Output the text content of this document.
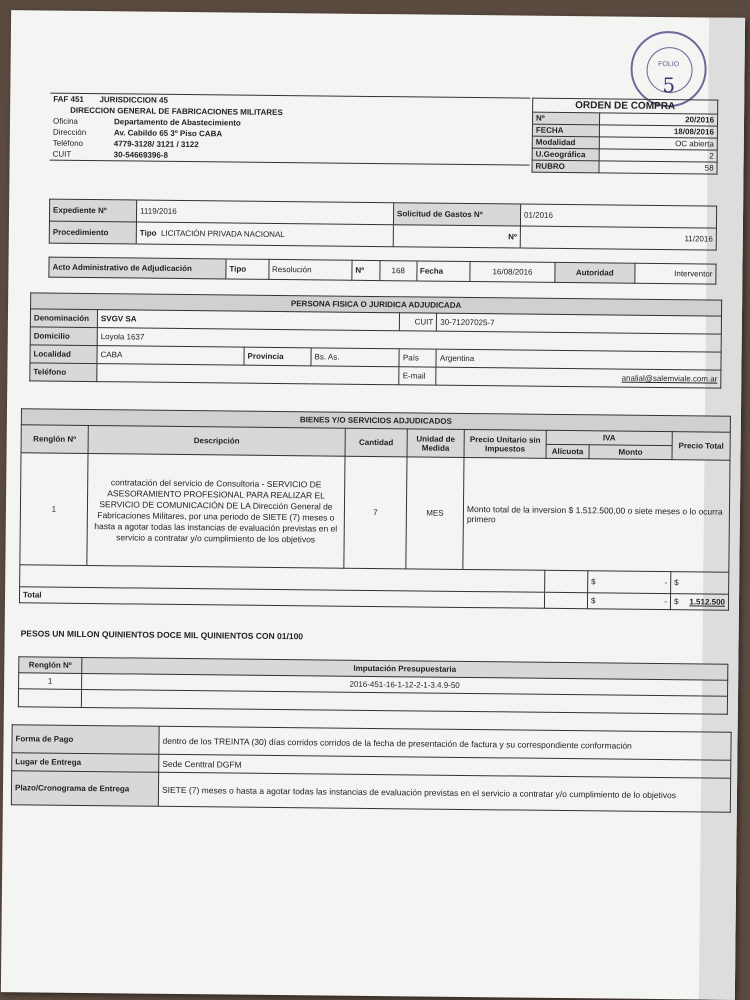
FOLIO
5
FAF 451 JURISDICCION 45	
DIRECCION GENERAL DE FABRICACIONES MILITARES	
Oficina	Departamento de Abastecimiento
Dirección	Av. Cabildo 65 3º Piso CABA
Teléfono	4779-3128/ 3121 / 3122
CUIT	30-54669396-8
ORDEN DE COMPRA	
Nº	20/2016
FECHA	18/08/2016
Modalidad	OC abierta
U.Geográfica	2
RUBRO	58
Expediente Nº	1119/2016	Solicitud de Gastos Nº	01/2016
Procedimiento	Tipo LICITACIÓN PRIVADA NACIONAL	Nº	11/2016
Acto Administrativo de Adjudicación	Tipo	Resolución	Nº	168	Fecha	16/08/2016	Autoridad	Interventor
PERSONA FISICA O JURIDICA ADJUDICADA					
Denominación	SVGV SA			CUIT	30-71207025-7
Domicilio	Loyola 1637				
Localidad	CABA	Provincia	Bs. As.	País	Argentina
Teléfono				E-mail	analial@salemviale.com.ar
BIENES Y/O SERVICIOS ADJUDICADOS							
Renglón Nº	Descripción	Cantidad	Unidad de Medida	Precio Unitario sin Impuestos	IVA		Precio Total
					Alícuota	Monto	
1	contratación del servicio de Consultoria - SERVICIO DE ASESORAMIENTO PROFESIONAL PARA REALIZAR EL SERVICIO DE COMUNICACIÓN DE LA Dirección General de Fabricaciones Militares, por una periodo de SIETE (7) meses o hasta a agotar todas las instancias de evaluación previstas en el servicio a contratar y/o cumplimiento de los objetivos	7	MES	Monto total de la inversion $ 1.512.500,00 o siete meses o lo ocurra primero			
						$ -	$
Total						$ -	$ 1.512.500
PESOS UN MILLON QUINIENTOS DOCE MIL QUINIENTOS CON 01/100
Renglón Nº	Imputación Presupuestaria
1	2016-451-16-1-12-2-1-3.4.9-50

Forma de Pago	dentro de los TREINTA (30) días corridos corridos de la fecha de presentación de factura y su correspondiente conformación
Lugar de Entrega	Sede Centtral DGFM
Plazo/Cronograma de Entrega	SIETE (7) meses o hasta a agotar todas las instancias de evaluación previstas en el servicio a contratar y/o cumplimiento de lo objetivos
